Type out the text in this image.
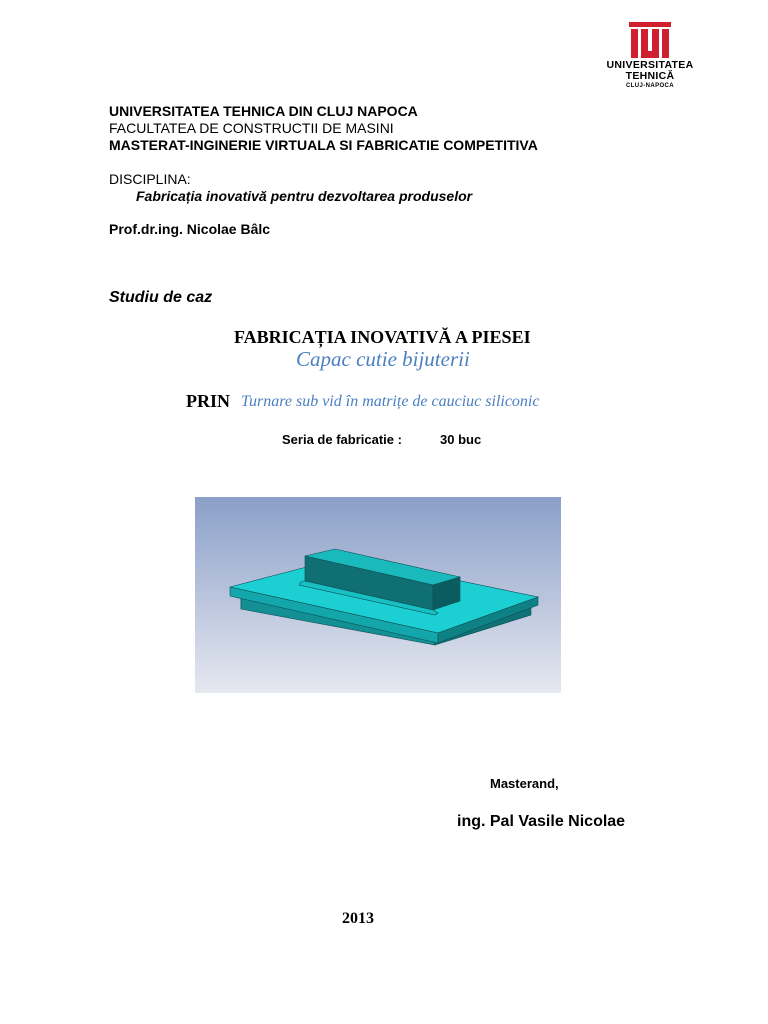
UNIVERSITATEA
TEHNICĂ
CLUJ-NAPOCA
UNIVERSITATEA TEHNICA DIN CLUJ NAPOCA
FACULTATEA DE CONSTRUCTII DE MASINI
MASTERAT-INGINERIE VIRTUALA SI FABRICATIE COMPETITIVA
DISCIPLINA:
Fabricația inovativă pentru dezvoltarea produselor
Prof.dr.ing. Nicolae Bâlc
Studiu de caz
FABRICAȚIA INOVATIVĂ A PIESEI
Capac cutie bijuterii
PRIN Turnare sub vid în matrițe de cauciuc siliconic
Seria de fabricatie :	30 buc
Masterand,
ing. Pal Vasile Nicolae
2013
